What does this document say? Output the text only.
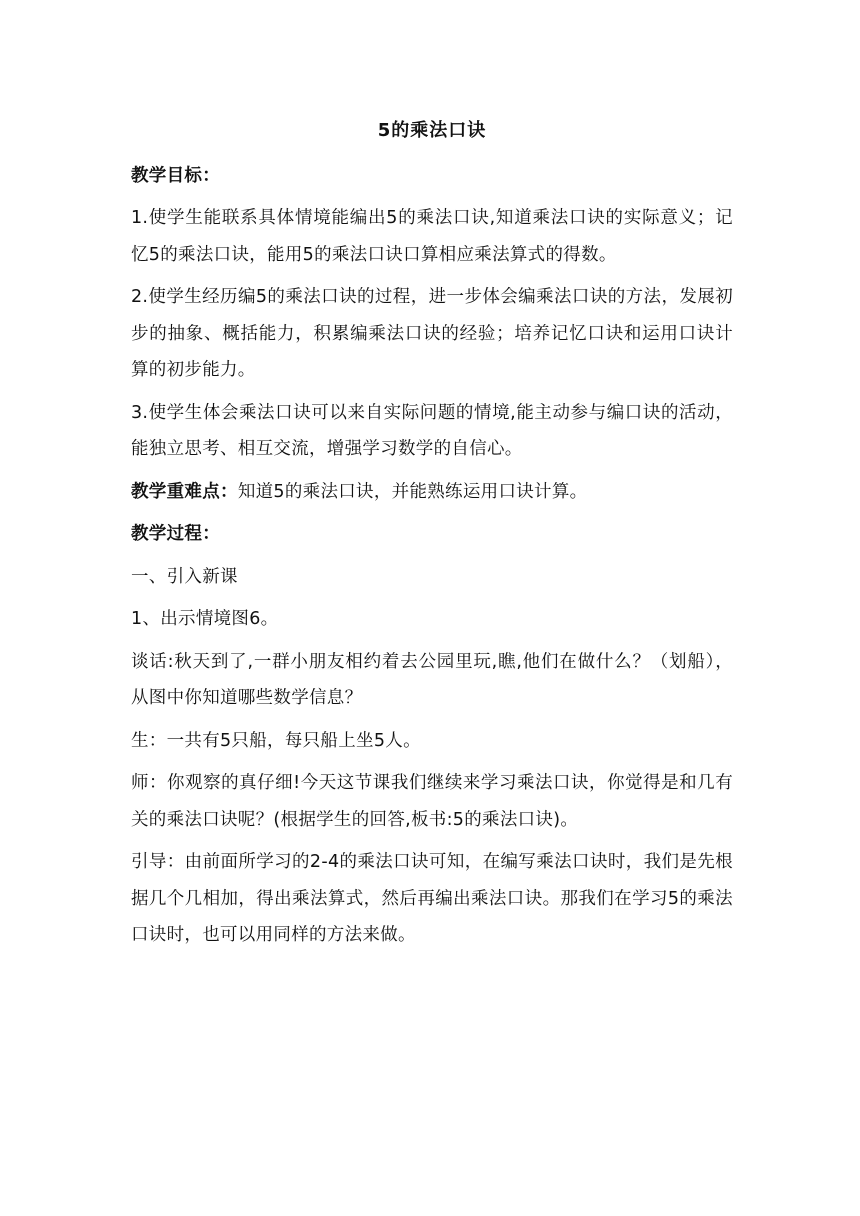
5的乘法口诀
教学目标：
1.使学生能联系具体情境能编出5的乘法口诀,知道乘法口诀的实际意义；记忆5的乘法口诀，能用5的乘法口诀口算相应乘法算式的得数。
2.使学生经历编5的乘法口诀的过程，进一步体会编乘法口诀的方法，发展初步的抽象、概括能力，积累编乘法口诀的经验；培养记忆口诀和运用口诀计算的初步能力。
3.使学生体会乘法口诀可以来自实际问题的情境,能主动参与编口诀的活动，能独立思考、相互交流，增强学习数学的自信心。
教学重难点：知道5的乘法口诀，并能熟练运用口诀计算。
教学过程：
一、引入新课
1、出示情境图6。
谈话:秋天到了,一群小朋友相约着去公园里玩,瞧,他们在做什么？（划船），从图中你知道哪些数学信息？
生：一共有5只船，每只船上坐5人。
师：你观察的真仔细!今天这节课我们继续来学习乘法口诀，你觉得是和几有关的乘法口诀呢？(根据学生的回答,板书:5的乘法口诀)。
引导：由前面所学习的2-4的乘法口诀可知，在编写乘法口诀时，我们是先根据几个几相加，得出乘法算式，然后再编出乘法口诀。那我们在学习5的乘法口诀时，也可以用同样的方法来做。
